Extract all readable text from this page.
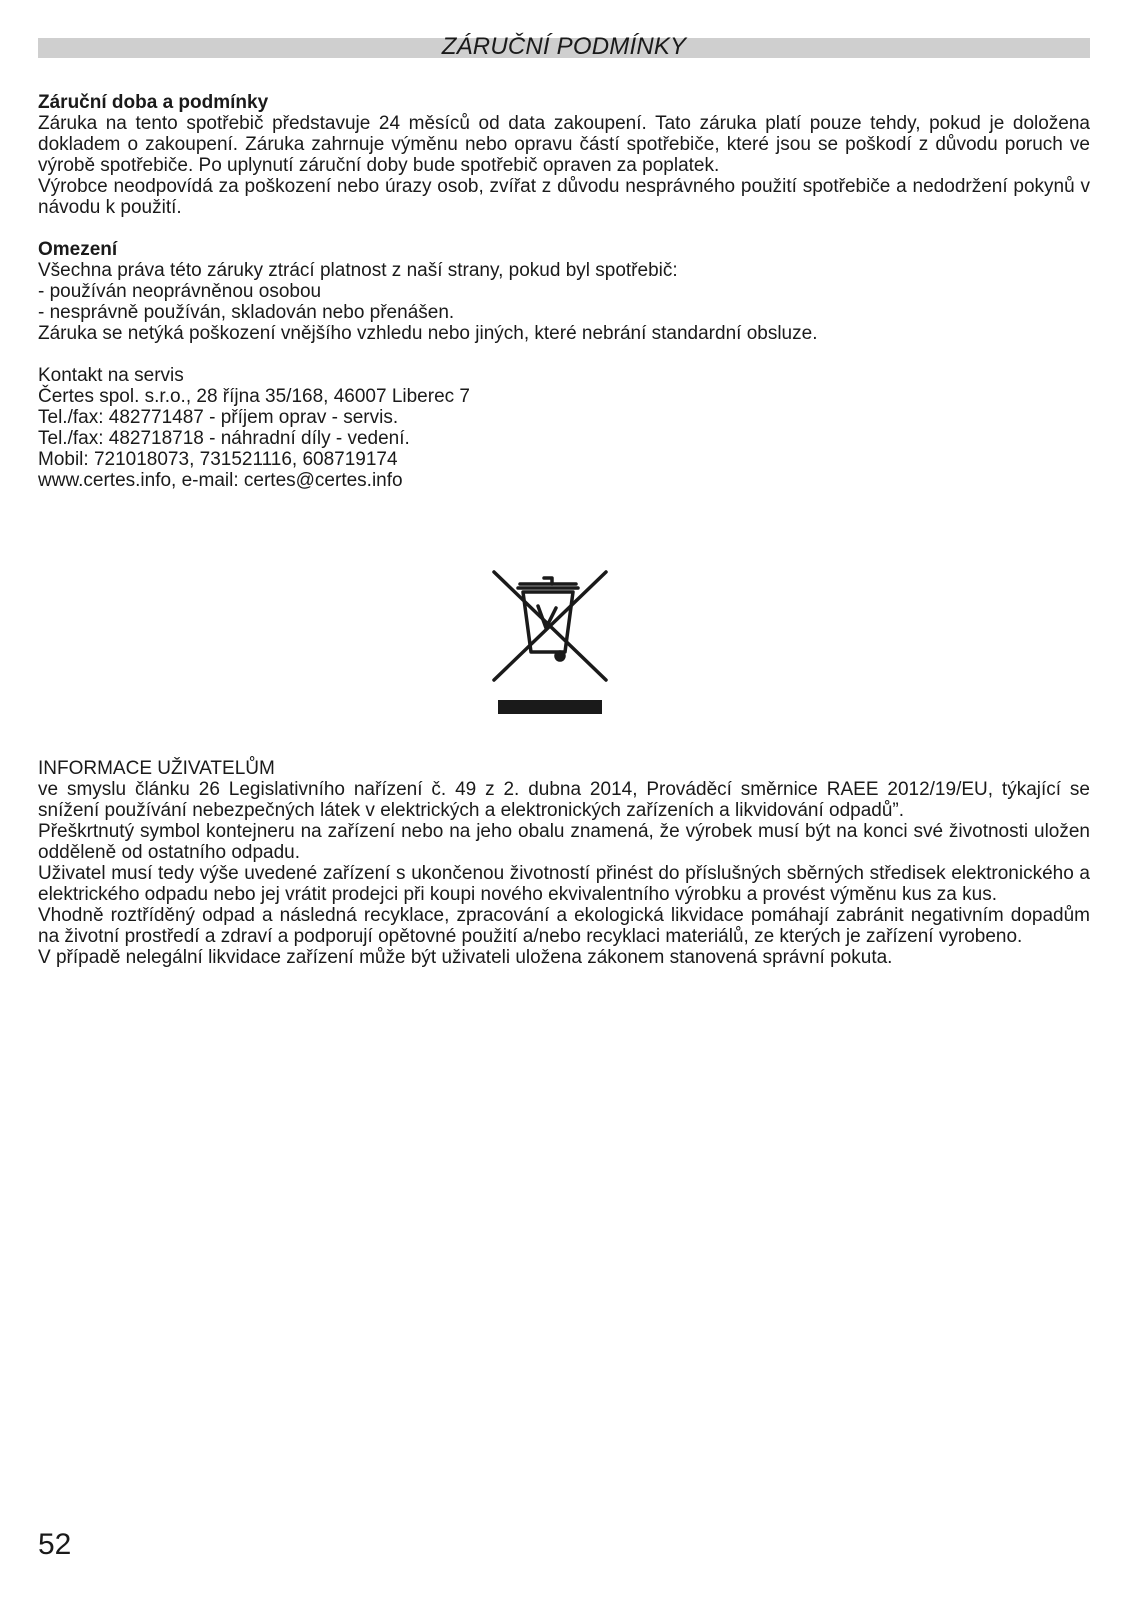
ZÁRUČNÍ PODMÍNKY
Záruční doba a podmínky

Záruka na tento spotřebič představuje 24 měsíců od data zakoupení. Tato záruka platí pouze tehdy, pokud je doložena dokladem o zakoupení. Záruka zahrnuje výměnu nebo opravu částí spotřebiče, které jsou se poškodí z důvodu poruch ve výrobě spotřebiče. Po uplynutí záruční doby bude spotřebič opraven za poplatek.

Výrobce neodpovídá za poškození nebo úrazy osob, zvířat z důvodu nesprávného použití spotřebiče a nedodržení pokynů v návodu k použití.

Omezení

Všechna práva této záruky ztrácí platnost z naší strany, pokud byl spotřebič:

- používán neoprávněnou osobou

- nesprávně používán, skladován nebo přenášen.

Záruka se netýká poškození vnějšího vzhledu nebo jiných, které nebrání standardní obsluze.

Kontakt na servis

Čertes spol. s.r.o., 28 října 35/168, 46007 Liberec 7

Tel./fax: 482771487 - příjem oprav - servis.

Tel./fax: 482718718 - náhradní díly - vedení.

Mobil: 721018073, 731521116, 608719174

www.certes.info, e-mail: certes@certes.info

INFORMACE UŽIVATELŮM

ve smyslu článku 26 Legislativního nařízení č. 49 z 2. dubna 2014, Prováděcí směrnice RAEE 2012/19/EU, týkající se snížení používání nebezpečných látek v elektrických a elektronických zařízeních a likvidování odpadů”.

Přeškrtnutý symbol kontejneru na zařízení nebo na jeho obalu znamená, že výrobek musí být na konci své životnosti uložen odděleně od ostatního odpadu.

Uživatel musí tedy výše uvedené zařízení s ukončenou životností přinést do příslušných sběrných středisek elektronického a elektrického odpadu nebo jej vrátit prodejci při koupi nového ekvivalentního výrobku a provést výměnu kus za kus.

Vhodně roztříděný odpad a následná recyklace, zpracování a ekologická likvidace pomáhají zabránit negativním dopadům na životní prostředí a zdraví a podporují opětovné použití a/nebo recyklaci materiálů, ze kterých je zařízení vyrobeno.

V případě nelegální likvidace zařízení může být uživateli uložena zákonem stanovená správní pokuta.

52
